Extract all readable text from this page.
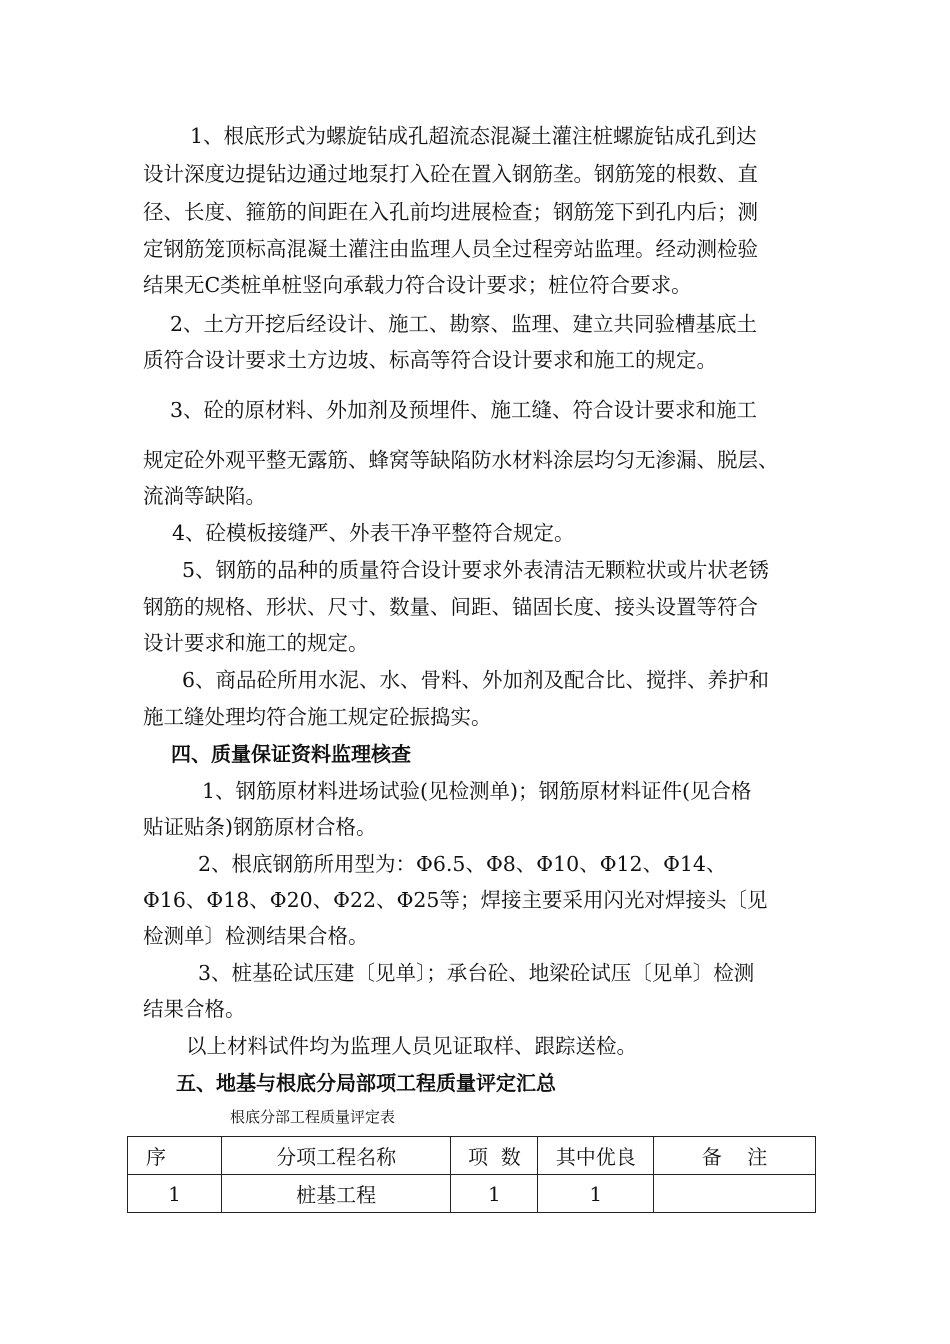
1、根底形式为螺旋钻成孔超流态混凝土灌注桩螺旋钻成孔到达
设计深度边提钻边通过地泵打入砼在置入钢筋垄。钢筋笼的根数、直
径、长度、箍筋的间距在入孔前均进展检查；钢筋笼下到孔内后；测
定钢筋笼顶标高混凝土灌注由监理人员全过程旁站监理。经动测检验
结果无C类桩单桩竖向承载力符合设计要求；桩位符合要求。
2、土方开挖后经设计、施工、勘察、监理、建立共同验槽基底土
质符合设计要求土方边坡、标高等符合设计要求和施工的规定。
3、砼的原材料、外加剂及预埋件、施工缝、符合设计要求和施工
规定砼外观平整无露筋、蜂窝等缺陷防水材料涂层均匀无渗漏、脱层、
流淌等缺陷。
4、砼模板接缝严、外表干净平整符合规定。
5、钢筋的品种的质量符合设计要求外表清洁无颗粒状或片状老锈
钢筋的规格、形状、尺寸、数量、间距、锚固长度、接头设置等符合
设计要求和施工的规定。
6、商品砼所用水泥、水、骨料、外加剂及配合比、搅拌、养护和
施工缝处理均符合施工规定砼振捣实。
四、质量保证资料监理核查
1、钢筋原材料进场试验(见检测单)；钢筋原材料证件(见合格
贴证贴条)钢筋原材合格。
2、根底钢筋所用型为：Φ6.5、Φ8、Φ10、Φ12、Φ14、
Φ16、Φ18、Φ20、Φ22、Φ25等；焊接主要采用闪光对焊接头〔见
检测单〕检测结果合格。
3、桩基砼试压建〔见单〕；承台砼、地梁砼试压〔见单〕检测
结果合格。
以上材料试件均为监理人员见证取样、跟踪送检。
五、地基与根底分局部项工程质量评定汇总
根底分部工程质量评定表
序	分项工程名称	项  数	其中优良	备    注
1	桩基工程	1	1	
